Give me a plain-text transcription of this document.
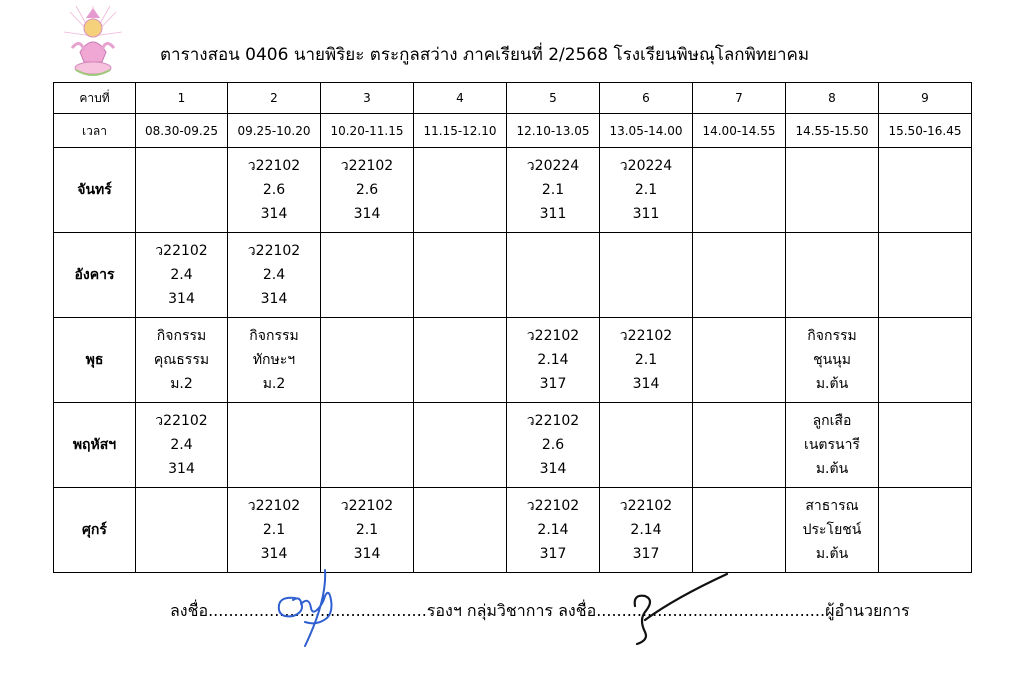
ตารางสอน 0406 นายพิริยะ ตระกูลสว่าง ภาคเรียนที่ 2/2568 โรงเรียนพิษณุโลกพิทยาคม
คาบที่	1	2	3	4	5	6	7	8	9
เวลา	08.30-09.25	09.25-10.20	10.20-11.15	11.15-12.10	12.10-13.05	13.05-14.00	14.00-14.55	14.55-15.50	15.50-16.45
จันทร์		ว22102
2.6
314	ว22102
2.6
314		ว20224
2.1
311	ว20224
2.1
311			

อังคาร	ว22102
2.4
314	ว22102
2.4
314							

พุธ	กิจกรรม
คุณธรรม
ม.2	กิจกรรม
ทักษะฯ
ม.2			ว22102
2.14
317	ว22102
2.1
314		กิจกรรม
ชุนนุม
ม.ต้น	

พฤหัสฯ	ว22102
2.4
314				ว22102
2.6
314			ลูกเสือ
เนตรนารี
ม.ต้น	

ศุกร์		ว22102
2.1
314	ว22102
2.1
314		ว22102
2.14
317	ว22102
2.14
317		สาธารณ
ประโยชน์
ม.ต้น	

ลงชื่อ...........................................รองฯ กลุ่มวิชาการ ลงชื่อ.............................................ผู้อำนวยการ
